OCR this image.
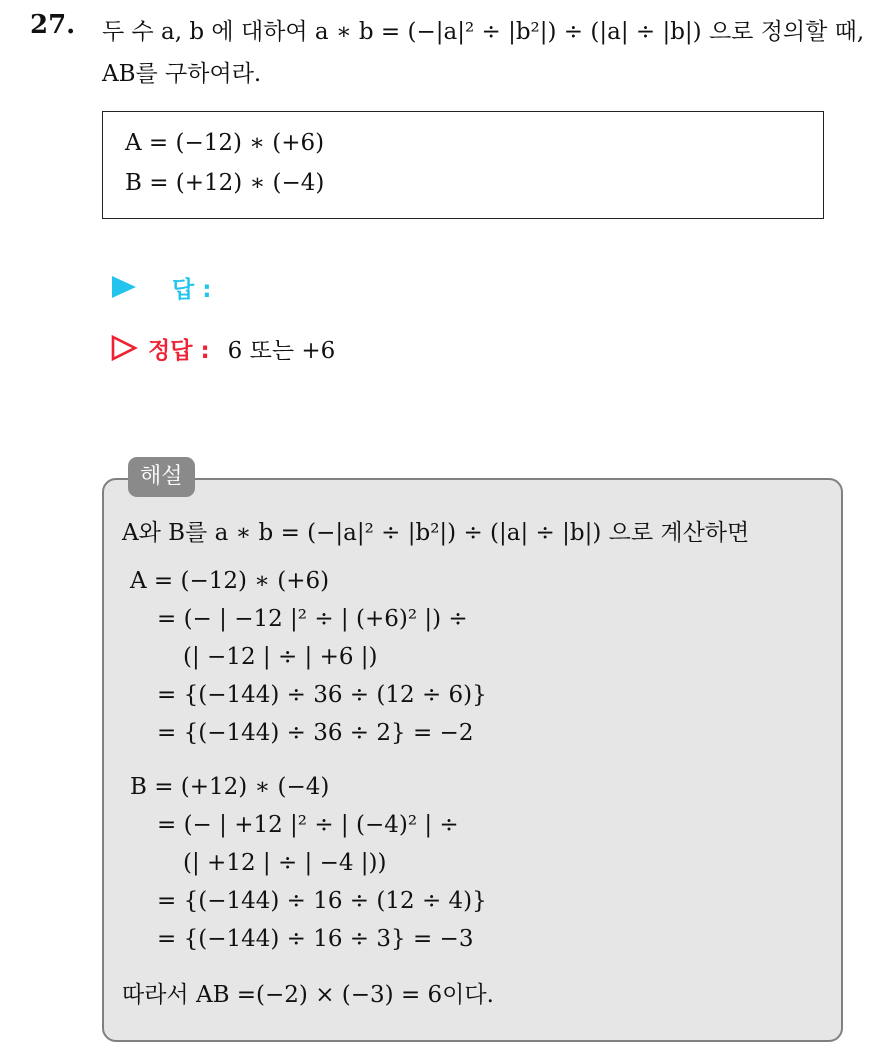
27. 두 수 a, b 에 대하여 a ∗ b = (−|a|² ÷ |b²|) ÷ (|a| ÷ |b|) 으로 정의할 때,
AB를 구하여라.
A = (−12) ∗ (+6)
B = (+12) ∗ (−4)
답 :
정답 : 6 또는 +6
해설
A와 B를 a ∗ b = (−|a|² ÷ |b²|) ÷ (|a| ÷ |b|) 으로 계산하면
A = (−12) ∗ (+6)
= (− | −12 |² ÷ | (+6)² |) ÷
(| −12 | ÷ | +6 |)
= {(−144) ÷ 36 ÷ (12 ÷ 6)}
= {(−144) ÷ 36 ÷ 2} = −2
B = (+12) ∗ (−4)
= (− | +12 |² ÷ | (−4)² | ÷
(| +12 | ÷ | −4 |))
= {(−144) ÷ 16 ÷ (12 ÷ 4)}
= {(−144) ÷ 16 ÷ 3} = −3
따라서 AB =(−2) × (−3) = 6이다.
